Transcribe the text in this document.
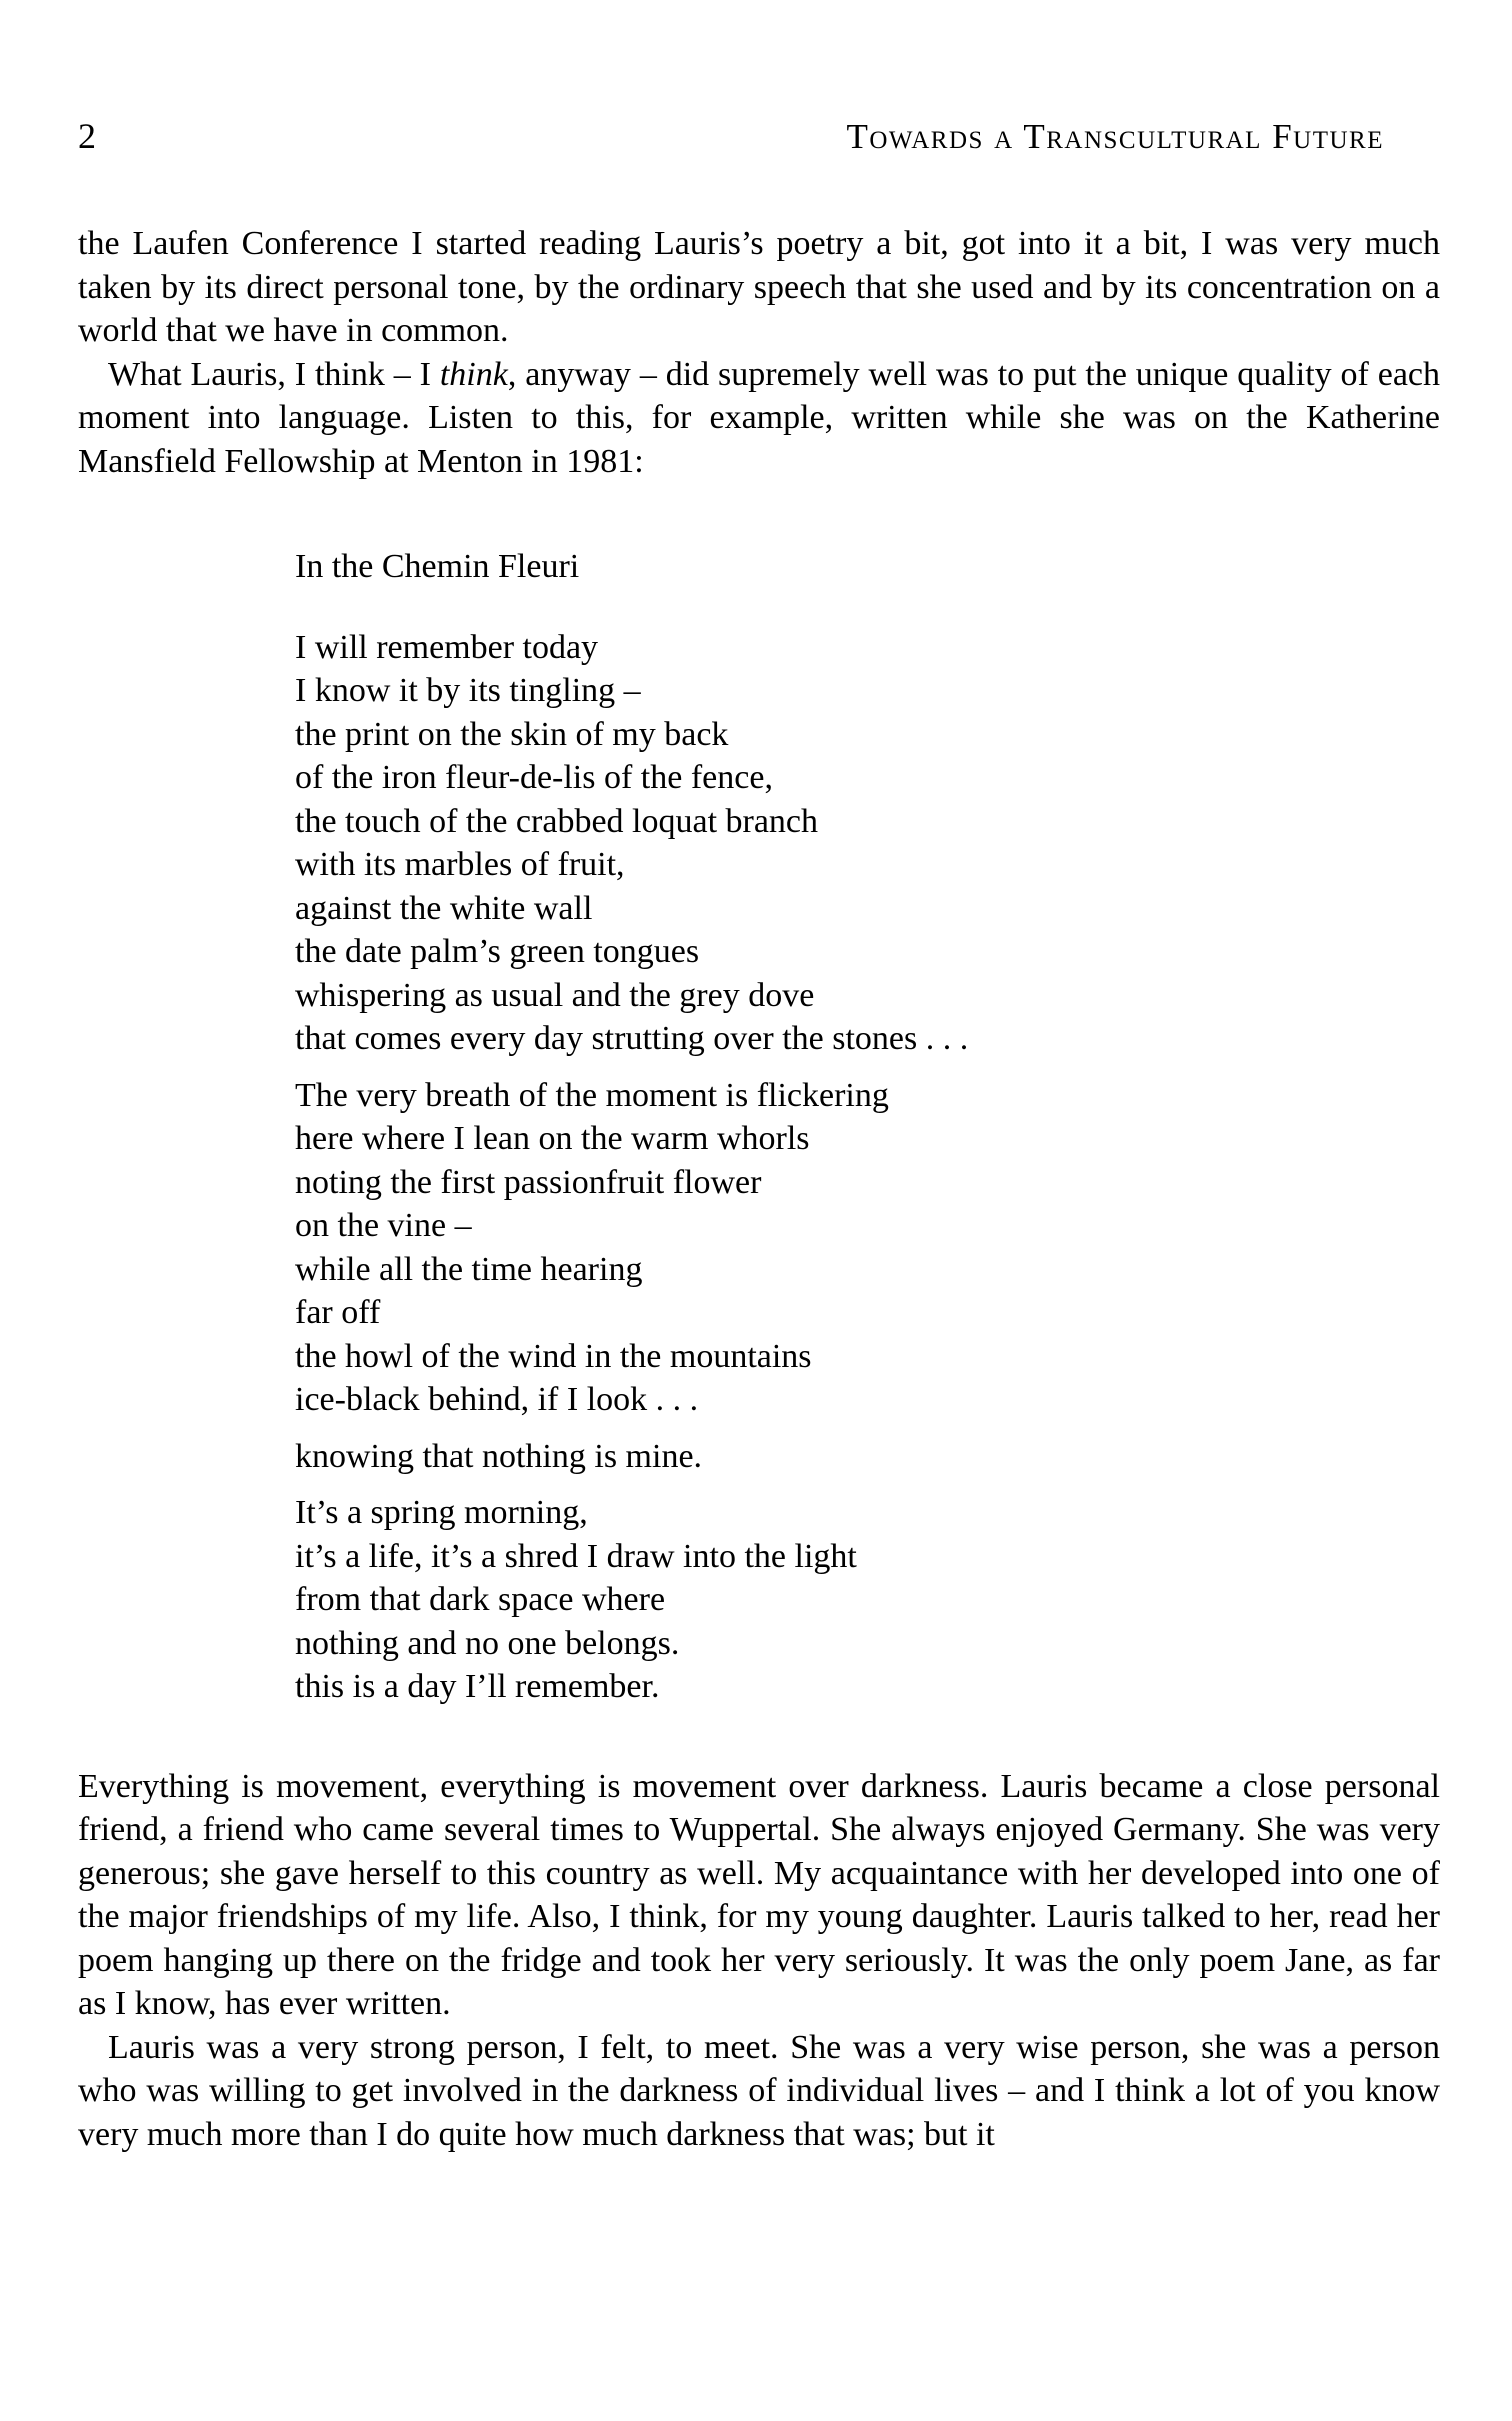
2	Towards a Transcultural Future

the Laufen Conference I started reading Lauris’s poetry a bit, got into it a bit, I was very much taken by its direct personal tone, by the ordinary speech that she used and by its concentration on a world that we have in common.

What Lauris, I think – I think, anyway – did supremely well was to put the unique quality of each moment into language. Listen to this, for example, written while she was on the Katherine Mansfield Fellowship at Menton in 1981:

In the Chemin Fleuri
I will remember today
I know it by its tingling –
the print on the skin of my back
of the iron fleur-de-lis of the fence,
the touch of the crabbed loquat branch
with its marbles of fruit,
against the white wall
the date palm’s green tongues
whispering as usual and the grey dove
that comes every day strutting over the stones . . .
The very breath of the moment is flickering
here where I lean on the warm whorls
noting the first passionfruit flower
on the vine –
while all the time hearing
far off
the howl of the wind in the mountains
ice-black behind, if I look . . .
knowing that nothing is mine.
It’s a spring morning,
it’s a life, it’s a shred I draw into the light
from that dark space where
nothing and no one belongs.
this is a day I’ll remember.

Everything is movement, everything is movement over darkness. Lauris became a close personal friend, a friend who came several times to Wuppertal. She always enjoyed Germany. She was very generous; she gave herself to this country as well. My acquaintance with her developed into one of the major friendships of my life. Also, I think, for my young daughter. Lauris talked to her, read her poem hanging up there on the fridge and took her very seriously. It was the only poem Jane, as far as I know, has ever written.

Lauris was a very strong person, I felt, to meet. She was a very wise person, she was a person who was willing to get involved in the darkness of individual lives – and I think a lot of you know very much more than I do quite how much darkness that was; but it
